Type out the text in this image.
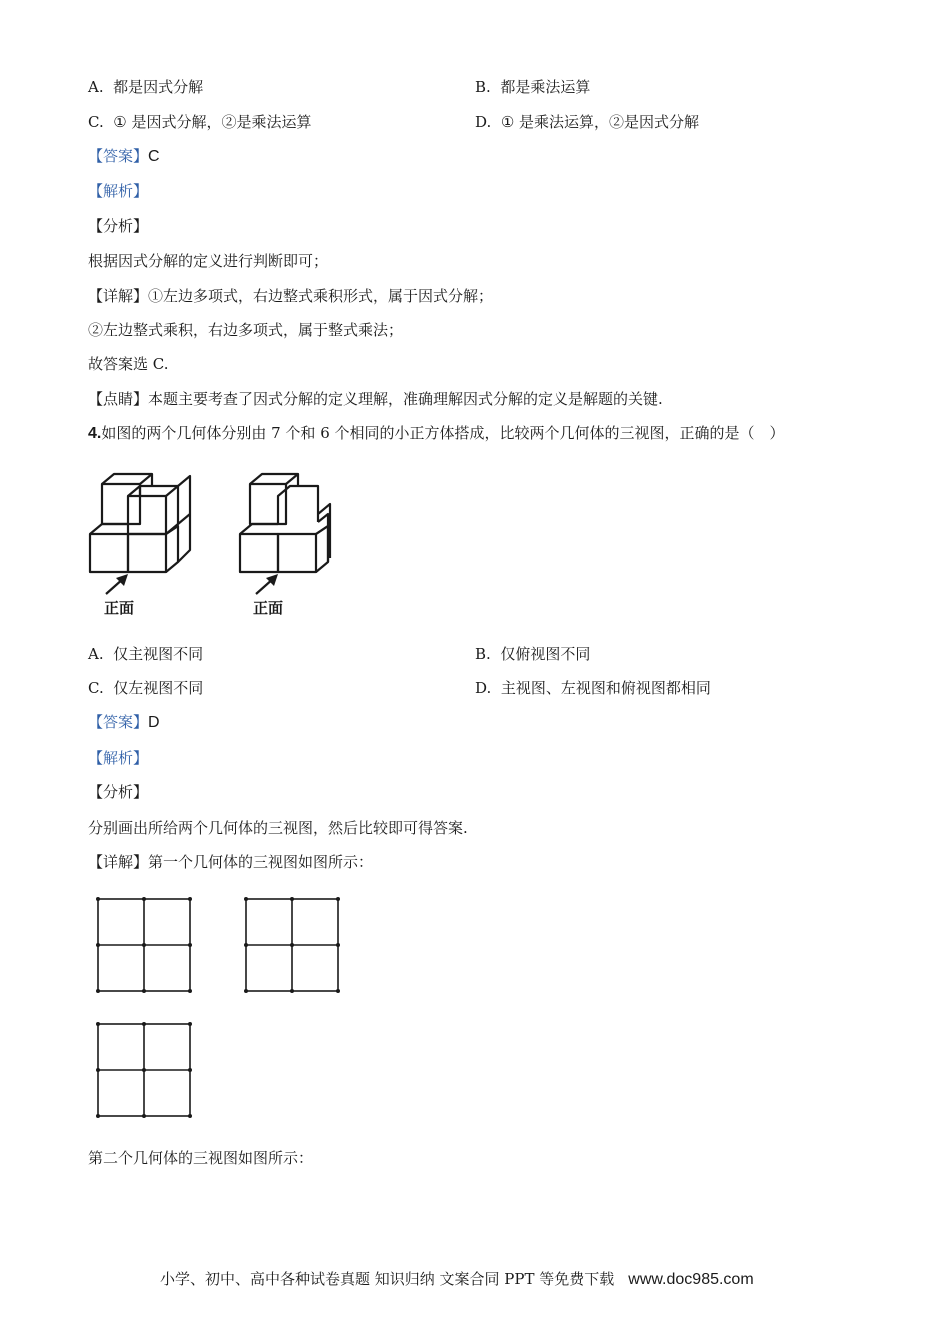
A. 都是因式分解	B. 都是乘法运算
C. ① 是因式分解，②是乘法运算	D. ① 是乘法运算，②是因式分解
【答案】C
【解析】
【分析】
根据因式分解的定义进行判断即可；
【详解】①左边多项式，右边整式乘积形式，属于因式分解；
②左边整式乘积，右边多项式，属于整式乘法；
故答案选 C.
【点睛】本题主要考查了因式分解的定义理解，准确理解因式分解的定义是解题的关键.
4.如图的两个几何体分别由 7 个和 6 个相同的小正方体搭成，比较两个几何体的三视图，正确的是（　）
正面	正面
A. 仅主视图不同	B. 仅俯视图不同
C. 仅左视图不同	D. 主视图、左视图和俯视图都相同
【答案】D
【解析】
【分析】
分别画出所给两个几何体的三视图，然后比较即可得答案.
【详解】第一个几何体的三视图如图所示：
第二个几何体的三视图如图所示：
小学、初中、高中各种试卷真题 知识归纳 文案合同 PPT 等免费下载 www.doc985.com
